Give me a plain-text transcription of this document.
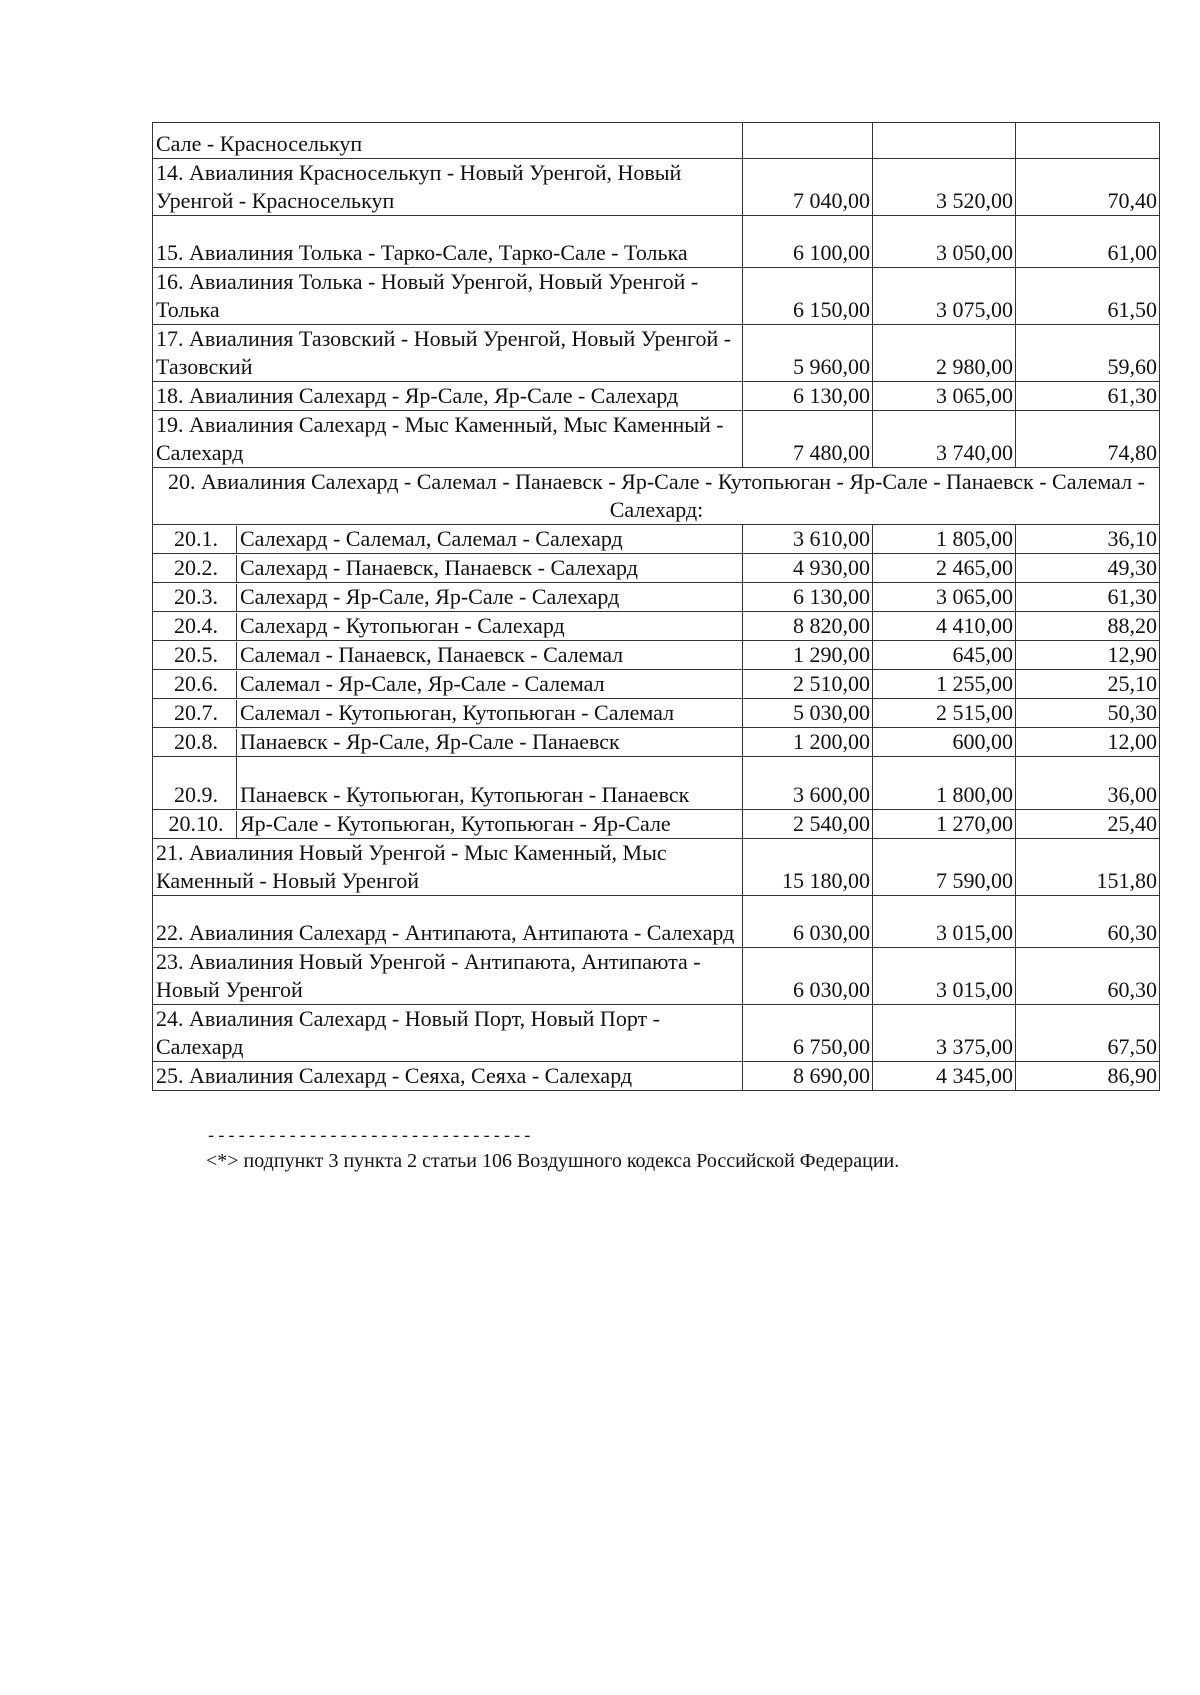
Сале - Красноселькуп			
14. Авиалиния Красноселькуп - Новый Уренгой, Новый Уренгой - Красноселькуп	7 040,00	3 520,00	70,40
15. Авиалиния Толька - Тарко-Сале, Тарко-Сале - Толька	6 100,00	3 050,00	61,00
16. Авиалиния Толька - Новый Уренгой, Новый Уренгой - Толька	6 150,00	3 075,00	61,50
17. Авиалиния Тазовский - Новый Уренгой, Новый Уренгой - Тазовский	5 960,00	2 980,00	59,60
18. Авиалиния Салехард - Яр-Сале, Яр-Сале - Салехард	6 130,00	3 065,00	61,30
19. Авиалиния Салехард - Мыс Каменный, Мыс Каменный - Салехард	7 480,00	3 740,00	74,80
20. Авиалиния Салехард - Салемал - Панаевск - Яр-Сале - Кутопьюган - Яр-Сале - Панаевск - Салемал - Салехард:			

20.1. Салехард - Салемал, Салемал - Салехард	3 610,00	1 805,00	36,10

20.2. Салехард - Панаевск, Панаевск - Салехард	4 930,00	2 465,00	49,30

20.3. Салехард - Яр-Сале, Яр-Сале - Салехард	6 130,00	3 065,00	61,30

20.4. Салехард - Кутопьюган - Салехард	8 820,00	4 410,00	88,20

20.5. Салемал - Панаевск, Панаевск - Салемал	1 290,00	645,00	12,90

20.6. Салемал - Яр-Сале, Яр-Сале - Салемал	2 510,00	1 255,00	25,10

20.7. Салемал - Кутопьюган, Кутопьюган - Салемал	5 030,00	2 515,00	50,30

20.8. Панаевск - Яр-Сале, Яр-Сале - Панаевск	1 200,00	600,00	12,00

20.9. Панаевск - Кутопьюган, Кутопьюган - Панаевск	3 600,00	1 800,00	36,00

20.10. Яр-Сале - Кутопьюган, Кутопьюган - Яр-Сале	2 540,00	1 270,00	25,40
21. Авиалиния Новый Уренгой - Мыс Каменный, Мыс Каменный - Новый Уренгой	15 180,00	7 590,00	151,80
22. Авиалиния Салехард - Антипаюта, Антипаюта - Салехард	6 030,00	3 015,00	60,30
23. Авиалиния Новый Уренгой - Антипаюта, Антипаюта - Новый Уренгой	6 030,00	3 015,00	60,30
24. Авиалиния Салехард - Новый Порт, Новый Порт - Салехард	6 750,00	3 375,00	67,50
25. Авиалиния Салехард - Сеяха, Сеяха - Салехард	8 690,00	4 345,00	86,90
--------------------------------
<*> подпункт 3 пункта 2 статьи 106 Воздушного кодекса Российской Федерации.
